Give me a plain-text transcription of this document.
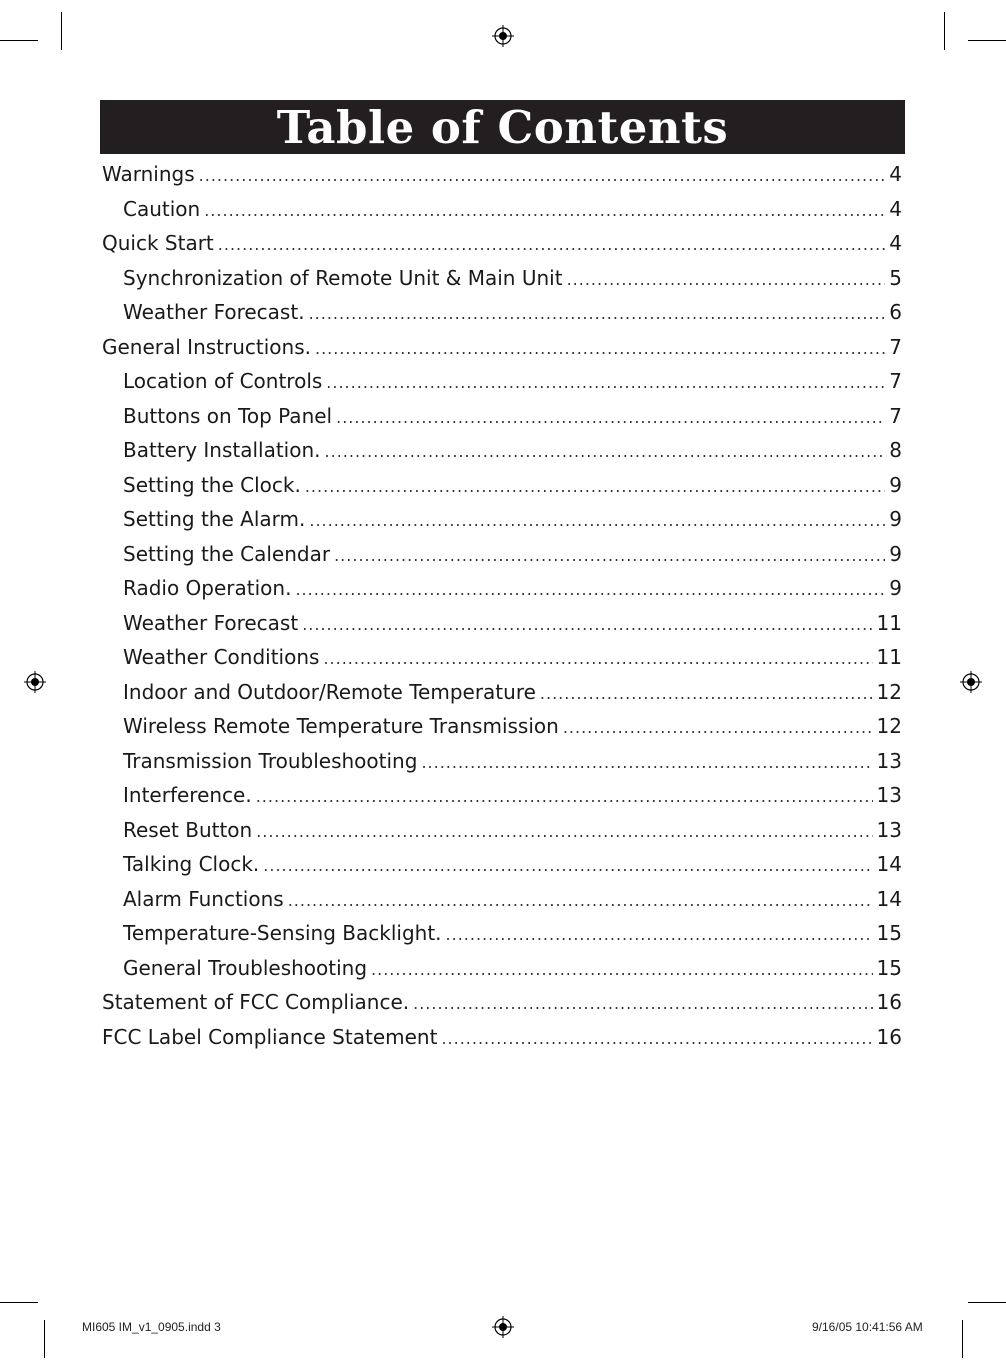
Table of Contents
Warnings .....	4
Caution .....	4
Quick Start .....	4
Synchronization of Remote Unit & Main Unit .....	5
Weather Forecast. .....	6
General Instructions. .....	7
Location of Controls .....	7
Buttons on Top Panel .....	7
Battery Installation. .....	8
Setting the Clock. .....	9
Setting the Alarm. .....	9
Setting the Calendar .....	9
Radio Operation. .....	9
Weather Forecast .....	11
Weather Conditions .....	11
Indoor and Outdoor/Remote Temperature .....	12
Wireless Remote Temperature Transmission .....	12
Transmission Troubleshooting .....	13
Interference. .....	13
Reset Button .....	13
Talking Clock. .....	14
Alarm Functions .....	14
Temperature-Sensing Backlight. .....	15
General Troubleshooting .....	15
Statement of FCC Compliance. .....	16
FCC Label Compliance Statement .....	16
MI605 IM_v1_0905.indd 3	9/16/05 10:41:56 AM
